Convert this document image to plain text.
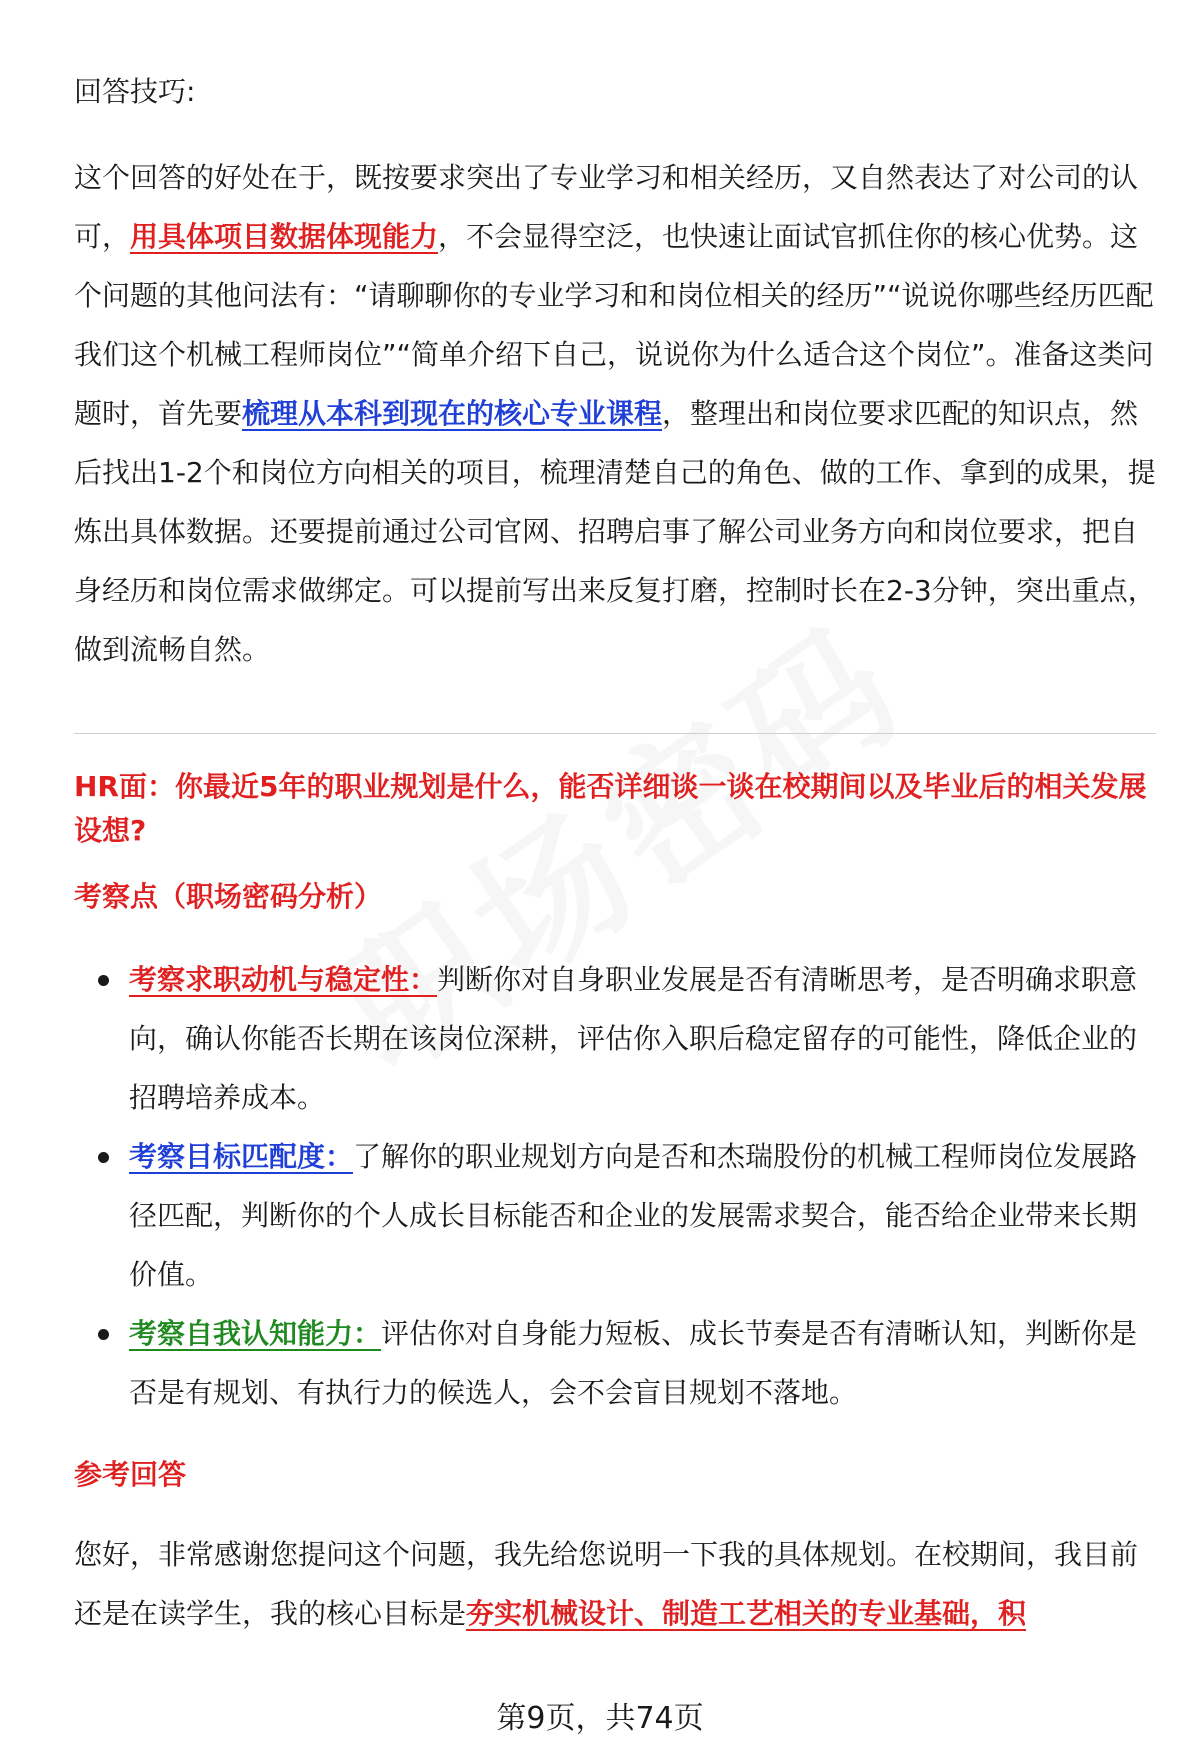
回答技巧:

这个回答的好处在于，既按要求突出了专业学习和相关经历，又自然表达了对公司的认可，用具体项目数据体现能力，不会显得空泛，也快速让面试官抓住你的核心优势。这个问题的其他问法有：“请聊聊你的专业学习和和岗位相关的经历”“说说你哪些经历匹配我们这个机械工程师岗位”“简单介绍下自己，说说你为什么适合这个岗位”。准备这类问题时，首先要梳理从本科到现在的核心专业课程，整理出和岗位要求匹配的知识点，然后找出1-2个和岗位方向相关的项目，梳理清楚自己的角色、做的工作、拿到的成果，提炼出具体数据。还要提前通过公司官网、招聘启事了解公司业务方向和岗位要求，把自身经历和岗位需求做绑定。可以提前写出来反复打磨，控制时长在2-3分钟，突出重点，做到流畅自然。

HR面：你最近5年的职业规划是什么，能否详细谈一谈在校期间以及毕业后的相关发展设想?

考察点（职场密码分析）

考察求职动机与稳定性：判断你对自身职业发展是否有清晰思考，是否明确求职意向，确认你能否长期在该岗位深耕，评估你入职后稳定留存的可能性，降低企业的招聘培养成本。
考察目标匹配度：了解你的职业规划方向是否和杰瑞股份的机械工程师岗位发展路径匹配，判断你的个人成长目标能否和企业的发展需求契合，能否给企业带来长期价值。
考察自我认知能力：评估你对自身能力短板、成长节奏是否有清晰认知，判断你是否是有规划、有执行力的候选人，会不会盲目规划不落地。

参考回答

您好，非常感谢您提问这个问题，我先给您说明一下我的具体规划。在校期间，我目前还是在读学生，我的核心目标是夯实机械设计、制造工艺相关的专业基础，积

第9页，共74页
